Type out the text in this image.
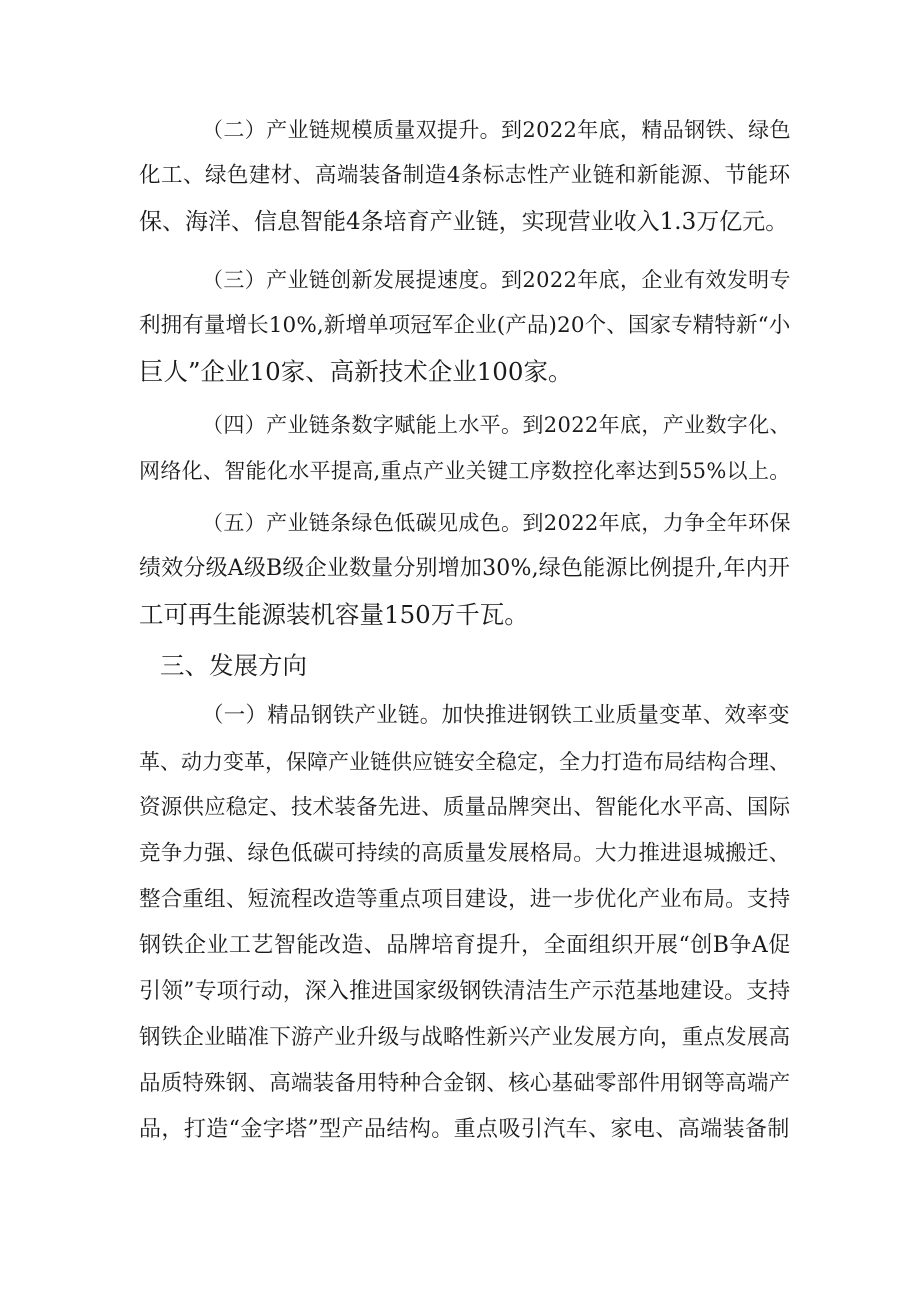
（二）产业链规模质量双提升。到2022年底，精品钢铁、绿色
化工、绿色建材、高端装备制造4条标志性产业链和新能源、节能环
保、海洋、信息智能4条培育产业链，实现营业收入1.3万亿元。
（三）产业链创新发展提速度。到2022年底，企业有效发明专
利拥有量增长10%,新增单项冠军企业(产品)20个、国家专精特新“小
巨人”企业10家、高新技术企业100家。
（四）产业链条数字赋能上水平。到2022年底，产业数字化、
网络化、智能化水平提高,重点产业关键工序数控化率达到55%以上。
（五）产业链条绿色低碳见成色。到2022年底，力争全年环保
绩效分级A级B级企业数量分别增加30%,绿色能源比例提升,年内开
工可再生能源装机容量150万千瓦。
三、发展方向
（一）精品钢铁产业链。加快推进钢铁工业质量变革、效率变
革、动力变革，保障产业链供应链安全稳定，全力打造布局结构合理、
资源供应稳定、技术装备先进、质量品牌突出、智能化水平高、国际
竞争力强、绿色低碳可持续的高质量发展格局。大力推进退城搬迁、
整合重组、短流程改造等重点项目建设，进一步优化产业布局。支持
钢铁企业工艺智能改造、品牌培育提升，全面组织开展“创B争A促
引领”专项行动，深入推进国家级钢铁清洁生产示范基地建设。支持
钢铁企业瞄准下游产业升级与战略性新兴产业发展方向，重点发展高
品质特殊钢、高端装备用特种合金钢、核心基础零部件用钢等高端产
品，打造“金字塔”型产品结构。重点吸引汽车、家电、高端装备制
